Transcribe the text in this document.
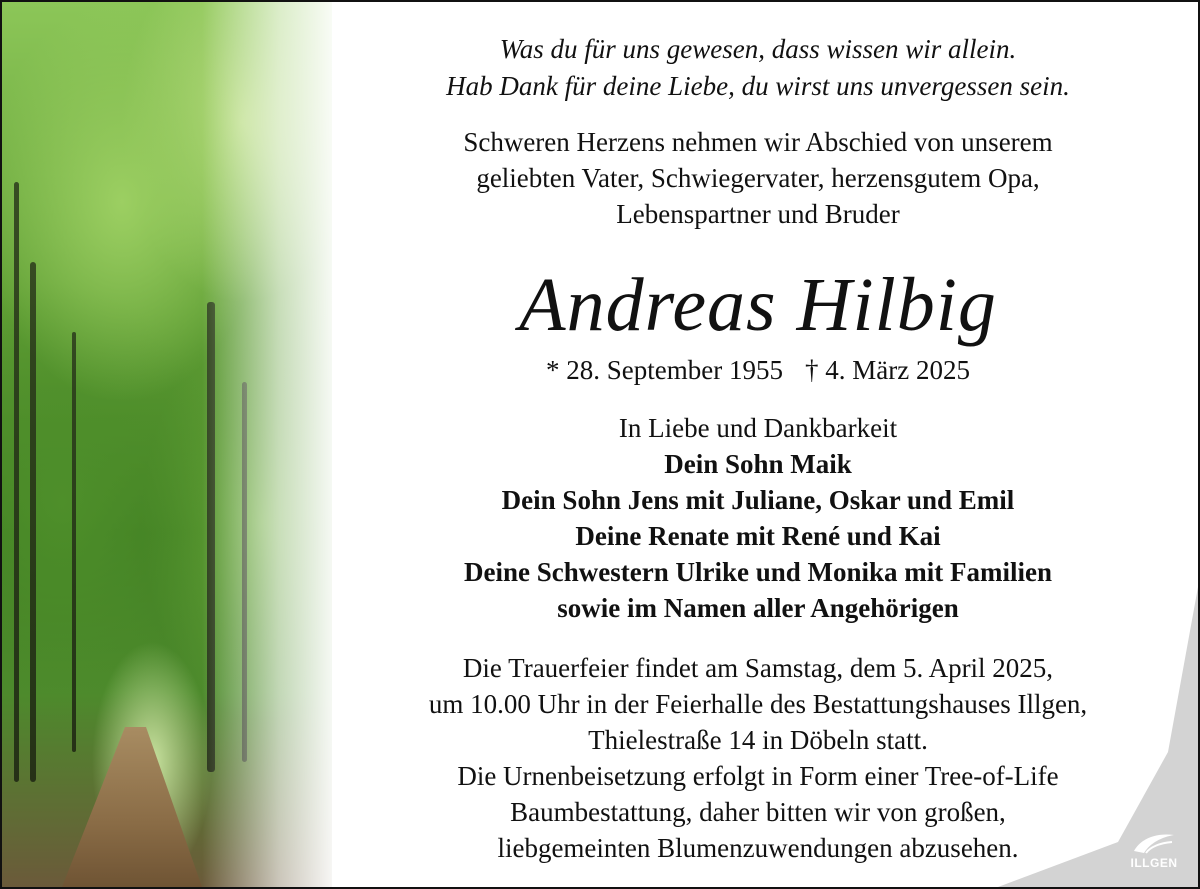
ILLGEN
Was du für uns gewesen, dass wissen wir allein.
Hab Dank für deine Liebe, du wirst uns unvergessen sein.
Schweren Herzens nehmen wir Abschied von unserem
geliebten Vater, Schwiegervater, herzensgutem Opa,
Lebenspartner und Bruder
Andreas Hilbig
* 28. September 1955 † 4. März 2025
In Liebe und Dankbarkeit
Dein Sohn Maik
Dein Sohn Jens mit Juliane, Oskar und Emil
Deine Renate mit René und Kai
Deine Schwestern Ulrike und Monika mit Familien
sowie im Namen aller Angehörigen
Die Trauerfeier findet am Samstag, dem 5. April 2025,
um 10.00 Uhr in der Feierhalle des Bestattungshauses Illgen,
Thielestraße 14 in Döbeln statt.
Die Urnenbeisetzung erfolgt in Form einer Tree-of-Life
Baumbestattung, daher bitten wir von großen,
liebgemeinten Blumenzuwendungen abzusehen.
